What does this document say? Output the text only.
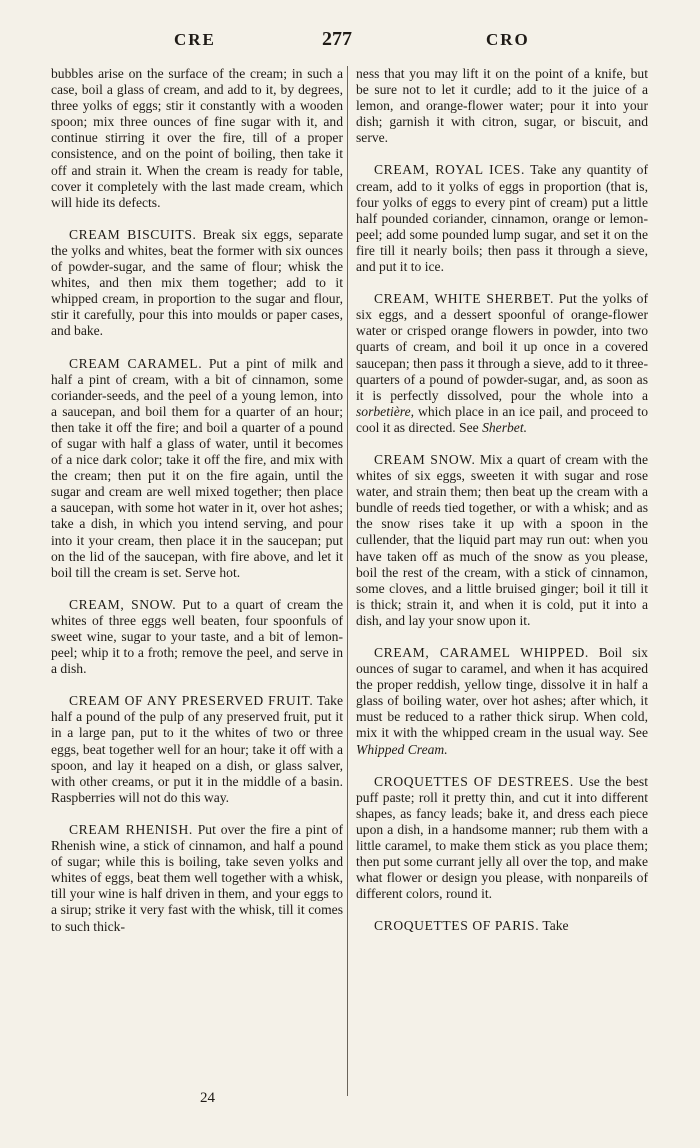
CRE	277	CRO

bubbles arise on the surface of the cream; in such a case, boil a glass of cream, and add to it, by degrees, three yolks of eggs; stir it constantly with a wooden spoon; mix three ounces of fine sugar with it, and continue stirring it over the fire, till of a proper consistence, and on the point of boiling, then take it off and strain it. When the cream is ready for table, cover it completely with the last made cream, which will hide its defects.

CREAM BISCUITS. Break six eggs, separate the yolks and whites, beat the former with six ounces of powder-sugar, and the same of flour; whisk the whites, and then mix them together; add to it whipped cream, in proportion to the sugar and flour, stir it carefully, pour this into moulds or paper cases, and bake.

CREAM CARAMEL. Put a pint of milk and half a pint of cream, with a bit of cinnamon, some coriander-seeds, and the peel of a young lemon, into a saucepan, and boil them for a quarter of an hour; then take it off the fire; and boil a quarter of a pound of sugar with half a glass of water, until it becomes of a nice dark color; take it off the fire, and mix with the cream; then put it on the fire again, until the sugar and cream are well mixed together; then place a saucepan, with some hot water in it, over hot ashes; take a dish, in which you intend serving, and pour into it your cream, then place it in the saucepan; put on the lid of the saucepan, with fire above, and let it boil till the cream is set. Serve hot.

CREAM, SNOW. Put to a quart of cream the whites of three eggs well beaten, four spoonfuls of sweet wine, sugar to your taste, and a bit of lemon-peel; whip it to a froth; remove the peel, and serve in a dish.

CREAM OF ANY PRESERVED FRUIT. Take half a pound of the pulp of any preserved fruit, put it in a large pan, put to it the whites of two or three eggs, beat together well for an hour; take it off with a spoon, and lay it heaped on a dish, or glass salver, with other creams, or put it in the middle of a basin. Raspberries will not do this way.

CREAM RHENISH. Put over the fire a pint of Rhenish wine, a stick of cinnamon, and half a pound of sugar; while this is boiling, take seven yolks and whites of eggs, beat them well together with a whisk, till your wine is half driven in them, and your eggs to a sirup; strike it very fast with the whisk, till it comes to such thick-

ness that you may lift it on the point of a knife, but be sure not to let it curdle; add to it the juice of a lemon, and orange-flower water; pour it into your dish; garnish it with citron, sugar, or biscuit, and serve.

CREAM, ROYAL ICES. Take any quantity of cream, add to it yolks of eggs in proportion (that is, four yolks of eggs to every pint of cream) put a little half pounded coriander, cinnamon, orange or lemon-peel; add some pounded lump sugar, and set it on the fire till it nearly boils; then pass it through a sieve, and put it to ice.

CREAM, WHITE SHERBET. Put the yolks of six eggs, and a dessert spoonful of orange-flower water or crisped orange flowers in powder, into two quarts of cream, and boil it up once in a covered saucepan; then pass it through a sieve, add to it three-quarters of a pound of powder-sugar, and, as soon as it is perfectly dissolved, pour the whole into a sorbetière, which place in an ice pail, and proceed to cool it as directed. See Sherbet.

CREAM SNOW. Mix a quart of cream with the whites of six eggs, sweeten it with sugar and rose water, and strain them; then beat up the cream with a bundle of reeds tied together, or with a whisk; and as the snow rises take it up with a spoon in the cullender, that the liquid part may run out: when you have taken off as much of the snow as you please, boil the rest of the cream, with a stick of cinnamon, some cloves, and a little bruised ginger; boil it till it is thick; strain it, and when it is cold, put it into a dish, and lay your snow upon it.

CREAM, CARAMEL WHIPPED. Boil six ounces of sugar to caramel, and when it has acquired the proper reddish, yellow tinge, dissolve it in half a glass of boiling water, over hot ashes; after which, it must be reduced to a rather thick sirup. When cold, mix it with the whipped cream in the usual way. See Whipped Cream.

CROQUETTES OF DESTREES. Use the best puff paste; roll it pretty thin, and cut it into different shapes, as fancy leads; bake it, and dress each piece upon a dish, in a handsome manner; rub them with a little caramel, to make them stick as you place them; then put some currant jelly all over the top, and make what flower or design you please, with nonpareils of different colors, round it.

CROQUETTES OF PARIS. Take

24
